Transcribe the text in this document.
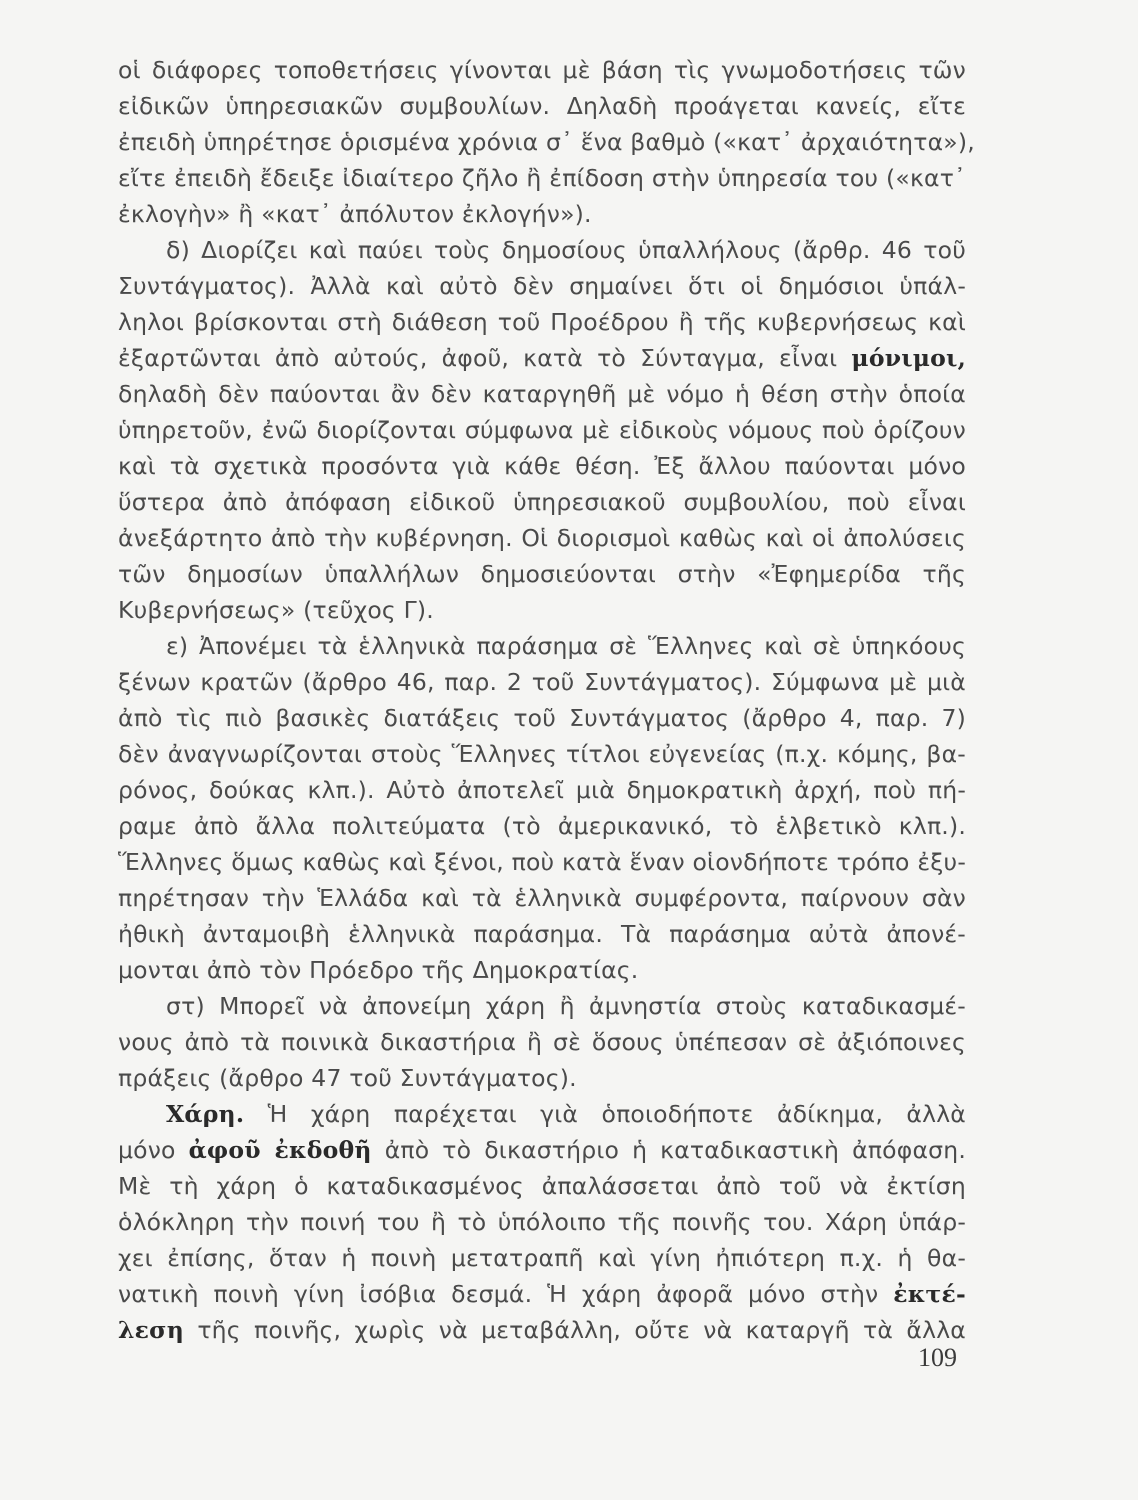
οἱ διάφορες τοποθετήσεις γίνονται μὲ βάση τὶς γνωμοδοτήσεις τῶν
εἰδικῶν ὑπηρεσιακῶν συμβουλίων. Δηλαδὴ προάγεται κανείς, εἴτε
ἐπειδὴ ὑπηρέτησε ὁρισμένα χρόνια σ᾽ ἕνα βαθμὸ («κατ᾽ ἀρχαιότητα»),
εἴτε ἐπειδὴ ἔδειξε ἰδιαίτερο ζῆλο ἢ ἐπίδοση στὴν ὑπηρεσία του («κατ᾽
ἐκλογὴν» ἢ «κατ᾽ ἀπόλυτον ἐκλογήν»).
δ) Διορίζει καὶ παύει τοὺς δημοσίους ὑπαλλήλους (ἄρθρ. 46 τοῦ
Συντάγματος). Ἀλλὰ καὶ αὐτὸ δὲν σημαίνει ὅτι οἱ δημόσιοι ὑπάλ-
ληλοι βρίσκονται στὴ διάθεση τοῦ Προέδρου ἢ τῆς κυβερνήσεως καὶ
ἐξαρτῶνται ἀπὸ αὐτούς, ἀφοῦ, κατὰ τὸ Σύνταγμα, εἶναι μόνιμοι,
δηλαδὴ δὲν παύονται ἂν δὲν καταργηθῆ μὲ νόμο ἡ θέση στὴν ὁποία
ὑπηρετοῦν, ἐνῶ διορίζονται σύμφωνα μὲ εἰδικοὺς νόμους ποὺ ὁρίζουν
καὶ τὰ σχετικὰ προσόντα γιὰ κάθε θέση. Ἐξ ἄλλου παύονται μόνο
ὕστερα ἀπὸ ἀπόφαση εἰδικοῦ ὑπηρεσιακοῦ συμβουλίου, ποὺ εἶναι
ἀνεξάρτητο ἀπὸ τὴν κυβέρνηση. Οἱ διορισμοὶ καθὼς καὶ οἱ ἀπολύσεις
τῶν δημοσίων ὑπαλλήλων δημοσιεύονται στὴν «Ἐφημερίδα τῆς
Κυβερνήσεως» (τεῦχος Γ).
ε) Ἀπονέμει τὰ ἑλληνικὰ παράσημα σὲ Ἕλληνες καὶ σὲ ὑπηκόους
ξένων κρατῶν (ἄρθρο 46, παρ. 2 τοῦ Συντάγματος). Σύμφωνα μὲ μιὰ
ἀπὸ τὶς πιὸ βασικὲς διατάξεις τοῦ Συντάγματος (ἄρθρο 4, παρ. 7)
δὲν ἀναγνωρίζονται στοὺς Ἕλληνες τίτλοι εὐγενείας (π.χ. κόμης, βα-
ρόνος, δούκας κλπ.). Αὐτὸ ἀποτελεῖ μιὰ δημοκρατικὴ ἀρχή, ποὺ πή-
ραμε ἀπὸ ἄλλα πολιτεύματα (τὸ ἀμερικανικό, τὸ ἑλβετικὸ κλπ.).
Ἕλληνες ὅμως καθὼς καὶ ξένοι, ποὺ κατὰ ἕναν οἱονδήποτε τρόπο ἐξυ-
πηρέτησαν τὴν Ἑλλάδα καὶ τὰ ἑλληνικὰ συμφέροντα, παίρνουν σὰν
ἠθικὴ ἀνταμοιβὴ ἑλληνικὰ παράσημα. Τὰ παράσημα αὐτὰ ἀπονέ-
μονται ἀπὸ τὸν Πρόεδρο τῆς Δημοκρατίας.
στ) Μπορεῖ νὰ ἀπονείμη χάρη ἢ ἀμνηστία στοὺς καταδικασμέ-
νους ἀπὸ τὰ ποινικὰ δικαστήρια ἢ σὲ ὅσους ὑπέπεσαν σὲ ἀξιόποινες
πράξεις (ἄρθρο 47 τοῦ Συντάγματος).
Χάρη. Ἡ χάρη παρέχεται γιὰ ὁποιοδήποτε ἀδίκημα, ἀλλὰ
μόνο ἀφοῦ ἐκδοθῆ ἀπὸ τὸ δικαστήριο ἡ καταδικαστικὴ ἀπόφαση.
Μὲ τὴ χάρη ὁ καταδικασμένος ἀπαλάσσεται ἀπὸ τοῦ νὰ ἐκτίση
ὁλόκληρη τὴν ποινή του ἢ τὸ ὑπόλοιπο τῆς ποινῆς του. Χάρη ὑπάρ-
χει ἐπίσης, ὅταν ἡ ποινὴ μετατραπῆ καὶ γίνη ἠπιότερη π.χ. ἡ θα-
νατικὴ ποινὴ γίνη ἰσόβια δεσμά. Ἡ χάρη ἀφορᾶ μόνο στὴν ἐκτέ-
λεση τῆς ποινῆς, χωρὶς νὰ μεταβάλλη, οὔτε νὰ καταργῆ τὰ ἄλλα
109
